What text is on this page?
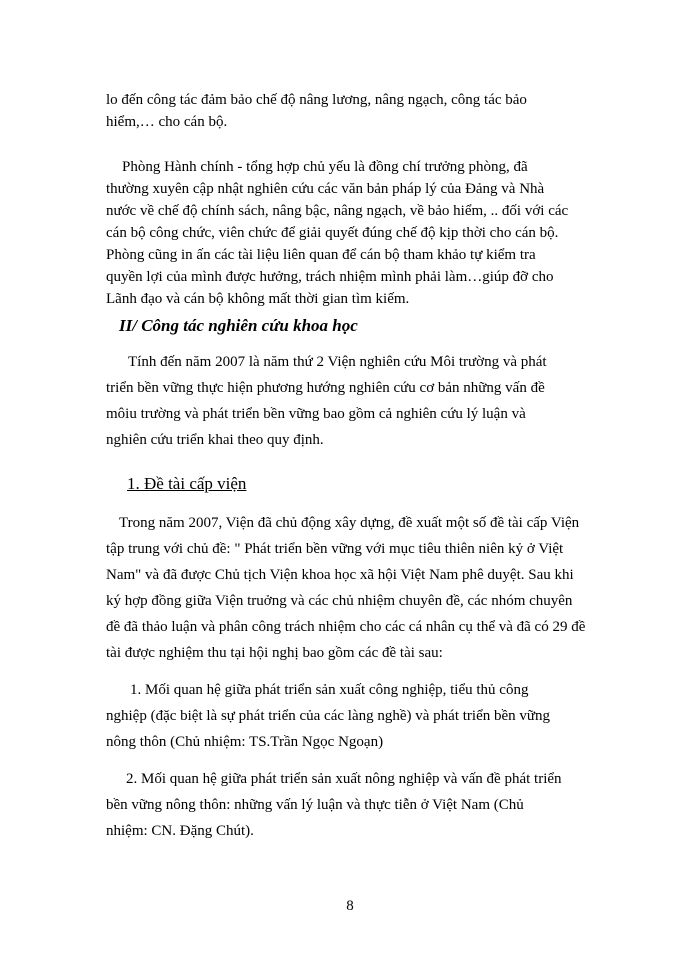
lo đến công tác đảm bảo chế độ nâng lương, nâng ngạch, công tác bảo
hiểm,… cho cán bộ.
Phòng Hành chính - tổng hợp chủ yếu là đồng chí trưởng phòng, đã
thường xuyên cập nhật nghiên cứu các văn bản pháp lý của Đảng và Nhà
nước về chế độ chính sách, nâng bậc, nâng ngạch, về bảo hiểm, .. đối với các
cán bộ công chức, viên chức để giải quyết đúng chế độ kịp thời cho cán bộ.
Phòng cũng in ấn các tài liệu liên quan để cán bộ tham khảo tự kiểm tra
quyền lợi của mình được hưởng, trách nhiệm mình phải làm…giúp đỡ cho
Lãnh đạo và cán bộ không mất thời gian tìm kiếm.
II/ Công tác nghiên cứu khoa học
Tính đến năm 2007 là năm thứ 2 Viện nghiên cứu Môi trường và phát
triển bền vững thực hiện phương hướng nghiên cứu cơ bản những vấn đề
môiu trường và phát triển bền vững bao gồm cả nghiên cứu lý luận và
nghiên cứu triển khai theo quy định.
1. Đề tài cấp viện
Trong năm 2007, Viện đã chủ động xây dựng, đề xuất một số đề tài cấp Viện
tập trung với chủ đề: " Phát triển bền vững với mục tiêu thiên niên kỷ ở Việt
Nam" và đã được Chủ tịch Viện khoa học xã hội Việt Nam phê duyệt. Sau khi
ký hợp đồng giữa Viện truởng và các chủ nhiệm chuyên đề, các nhóm chuyên
đề đã thảo luận và phân công trách nhiệm cho các cá nhân cụ thể và đã có 29 đề
tài được nghiệm thu tại hội nghị bao gồm các đề tài sau:
1. Mối quan hệ giữa phát triển sản xuất công nghiệp, tiểu thủ công
nghiệp (đặc biệt là sự phát triển của các làng nghề) và phát triển bền vững
nông thôn (Chủ nhiệm: TS.Trần Ngọc Ngoạn)
2. Mối quan hệ giữa phát triển sản xuất nông nghiệp và vấn đề phát triển
bền vững nông thôn: những vấn lý luận và thực tiễn ở Việt Nam (Chủ
nhiệm: CN. Đặng Chút).
8
